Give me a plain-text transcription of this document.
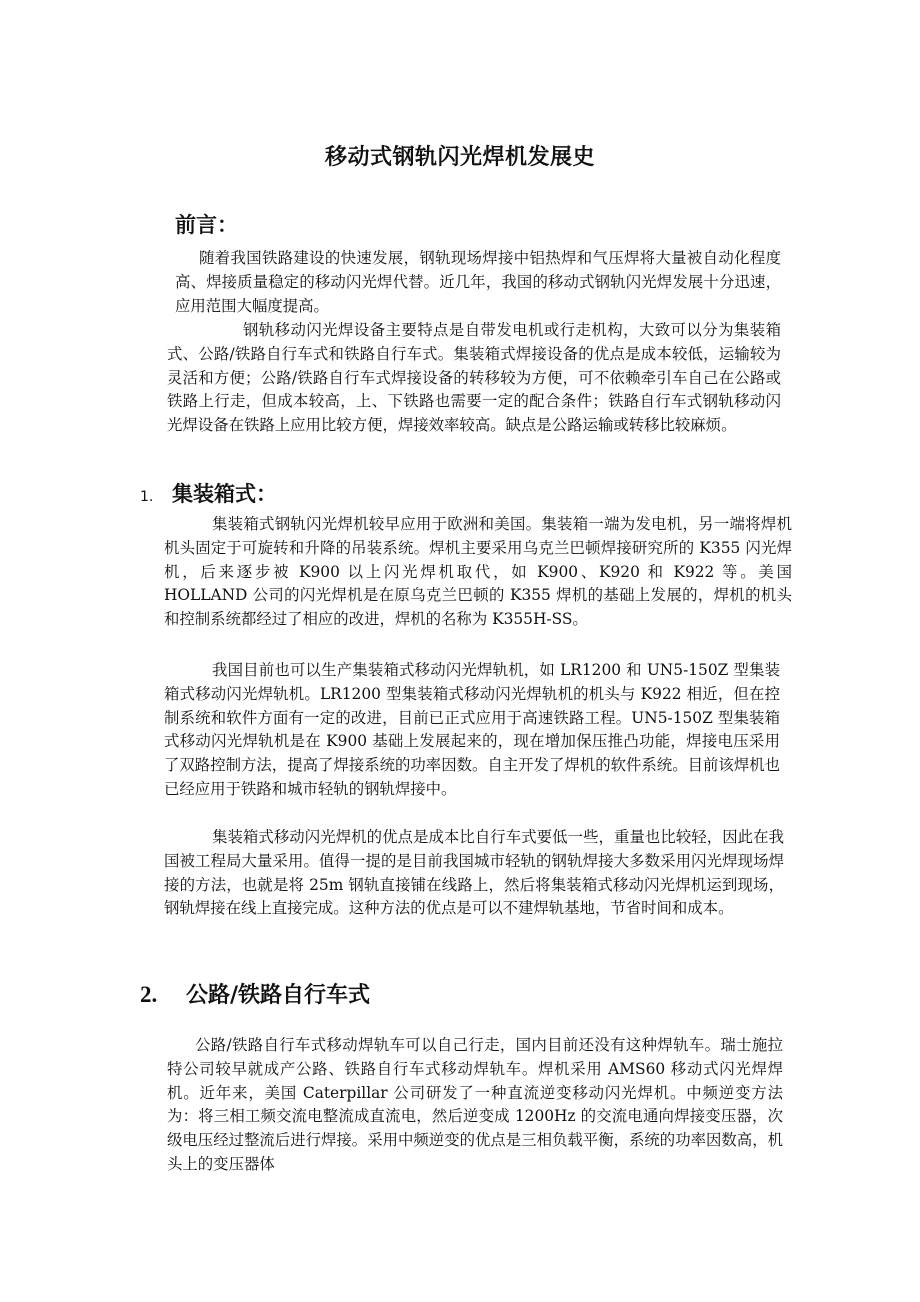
移动式钢轨闪光焊机发展史
前言：

随着我国铁路建设的快速发展，钢轨现场焊接中铝热焊和气压焊将大量被自动化程度高、焊接质量稳定的移动闪光焊代替。近几年，我国的移动式钢轨闪光焊发展十分迅速，应用范围大幅度提高。

钢轨移动闪光焊设备主要特点是自带发电机或行走机构，大致可以分为集装箱式、公路/铁路自行车式和铁路自行车式。集装箱式焊接设备的优点是成本较低，运输较为灵活和方便；公路/铁路自行车式焊接设备的转移较为方便，可不依赖牵引车自己在公路或铁路上行走，但成本较高，上、下铁路也需要一定的配合条件；铁路自行车式钢轨移动闪光焊设备在铁路上应用比较方便，焊接效率较高。缺点是公路运输或转移比较麻烦。

1. 集装箱式：

集装箱式钢轨闪光焊机较早应用于欧洲和美国。集装箱一端为发电机，另一端将焊机机头固定于可旋转和升降的吊装系统。焊机主要采用乌克兰巴顿焊接研究所的 K355 闪光焊机，后来逐步被 K900 以上闪光焊机取代，如 K900、K920 和 K922 等。美国 HOLLAND 公司的闪光焊机是在原乌克兰巴顿的 K355 焊机的基础上发展的，焊机的机头和控制系统都经过了相应的改进，焊机的名称为 K355H-SS。

我国目前也可以生产集装箱式移动闪光焊轨机，如 LR1200 和 UN5-150Z 型集装箱式移动闪光焊轨机。LR1200 型集装箱式移动闪光焊轨机的机头与 K922 相近，但在控制系统和软件方面有一定的改进，目前已正式应用于高速铁路工程。UN5-150Z 型集装箱式移动闪光焊轨机是在 K900 基础上发展起来的，现在增加保压推凸功能，焊接电压采用了双路控制方法，提高了焊接系统的功率因数。自主开发了焊机的软件系统。目前该焊机也已经应用于铁路和城市轻轨的钢轨焊接中。

集装箱式移动闪光焊机的优点是成本比自行车式要低一些，重量也比较轻，因此在我国被工程局大量采用。值得一提的是目前我国城市轻轨的钢轨焊接大多数采用闪光焊现场焊接的方法，也就是将 25m 钢轨直接铺在线路上，然后将集装箱式移动闪光焊机运到现场，钢轨焊接在线上直接完成。这种方法的优点是可以不建焊轨基地，节省时间和成本。

2. 公路/铁路自行车式

公路/铁路自行车式移动焊轨车可以自己行走，国内目前还没有这种焊轨车。瑞士施拉特公司较早就成产公路、铁路自行车式移动焊轨车。焊机采用 AMS60 移动式闪光焊焊机。近年来，美国 Caterpillar 公司研发了一种直流逆变移动闪光焊机。中频逆变方法为：将三相工频交流电整流成直流电，然后逆变成 1200Hz 的交流电通向焊接变压器，次级电压经过整流后进行焊接。采用中频逆变的优点是三相负载平衡，系统的功率因数高，机头上的变压器体
